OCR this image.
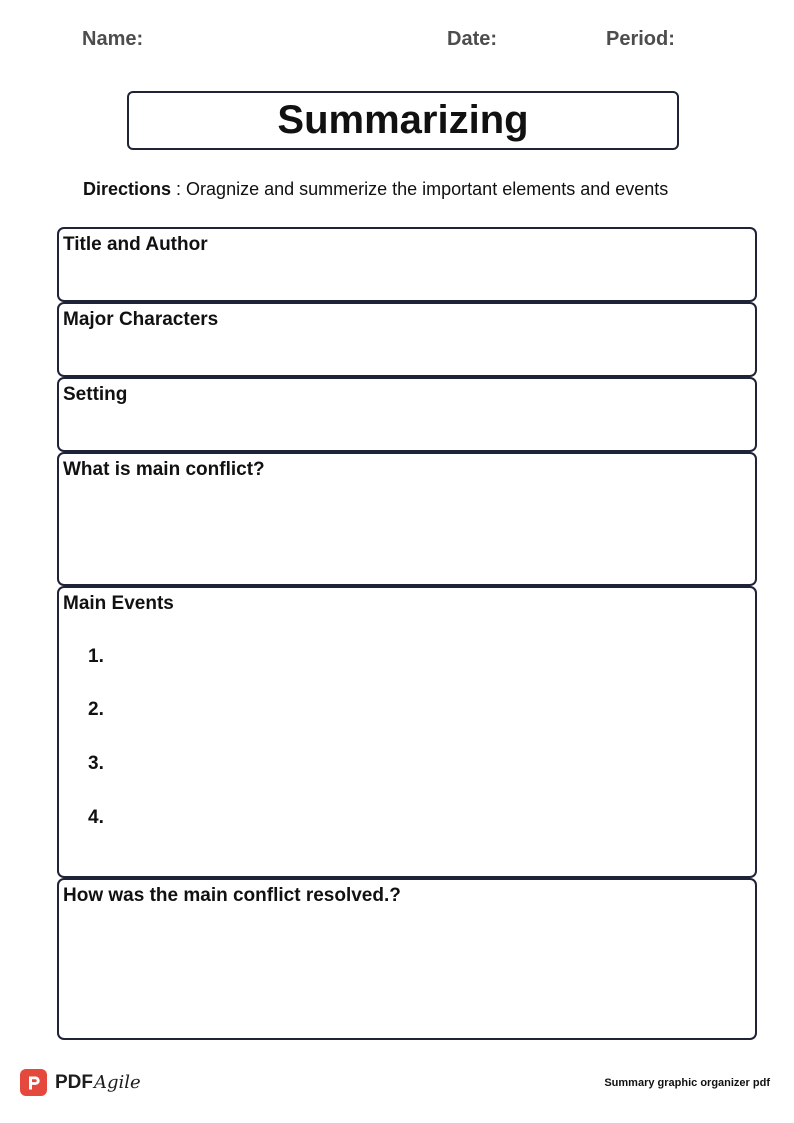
Name:	Date:	Period:
Summarizing
Directions : Oragnize and summerize the important elements and events
Title and Author
Major Characters
Setting
What is main conflict?
Main Events
1.
2.
3.
4.
How was the main conflict resolved.?
PDF Agile	Summary graphic organizer pdf
